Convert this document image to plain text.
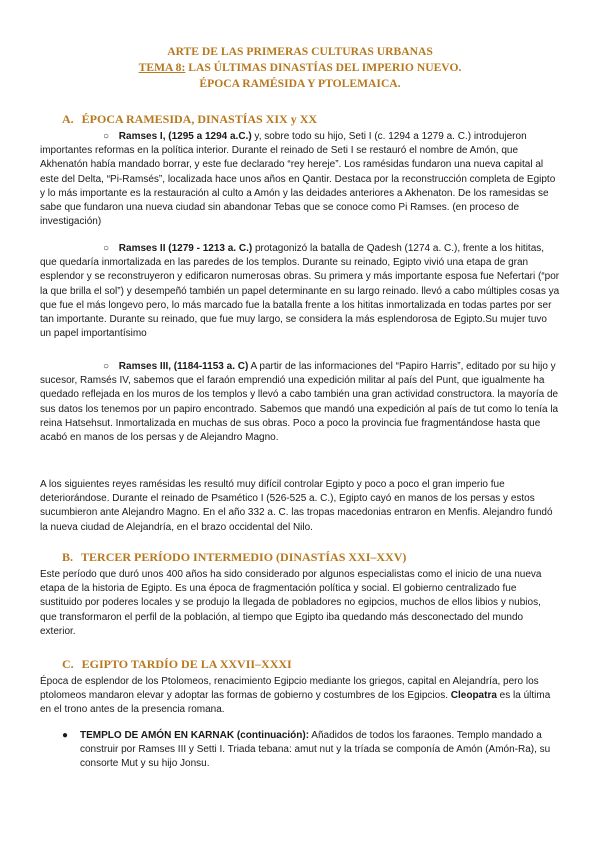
ARTE DE LAS PRIMERAS CULTURAS URBANAS
TEMA 8: LAS ÚLTIMAS DINASTÍAS DEL IMPERIO NUEVO.
ÉPOCA RAMÉSIDA Y PTOLEMAICA.
A. ÉPOCA RAMESIDA, DINASTÍAS XIX y XX
○ Ramses I, (1295 a 1294 a.C.) y, sobre todo su hijo, Seti I (c. 1294 a 1279 a. C.) introdujeron importantes reformas en la política interior. Durante el reinado de Seti I se restauró el nombre de Amón, que Akhenatón había mandado borrar, y este fue declarado “rey hereje”. Los ramésidas fundaron una nueva capital al este del Delta, “Pi-Ramsés”, localizada hace unos años en Qantir. Destaca por la reconstrucción completa de Egipto y lo más importante es la restauración al culto a Amón y las deidades anteriores a Akhenaton. De los ramesidas se sabe que fundaron una nueva ciudad sin abandonar Tebas que se conoce como Pi Ramses. (en proceso de investigación)
○ Ramses II (1279 - 1213 a. C.) protagonizó la batalla de Qadesh (1274 a. C.), frente a los hititas, que quedaría inmortalizada en las paredes de los templos. Durante su reinado, Egipto vivió una etapa de gran esplendor y se reconstruyeron y edificaron numerosas obras. Su primera y más importante esposa fue Nefertari (“por la que brilla el sol”) y desempeñó también un papel determinante en su largo reinado. llevó a cabo múltiples cosas ya que fue el más longevo pero, lo más marcado fue la batalla frente a los hititas inmortalizada en todas partes por ser tan importante. Durante su reinado, que fue muy largo, se considera la más esplendorosa de Egipto.Su mujer tuvo un papel importantísimo
○ Ramses III, (1184-1153 a. C) A partir de las informaciones del “Papiro Harris”, editado por su hijo y sucesor, Ramsés IV, sabemos que el faraón emprendió una expedición militar al país del Punt, que igualmente ha quedado reflejada en los muros de los templos y llevó a cabo también una gran actividad constructora. la mayoría de sus datos los tenemos por un papiro encontrado. Sabemos que mandó una expedición al país de tut como lo tenía la reina Hatsehsut. Inmortalizada en muchas de sus obras. Poco a poco la provincia fue fragmentándose hasta que acabó en manos de los persas y de Alejandro Magno.
A los siguientes reyes ramésidas les resultó muy difícil controlar Egipto y poco a poco el gran imperio fue deteriorándose. Durante el reinado de Psamético I (526-525 a. C.), Egipto cayó en manos de los persas y estos sucumbieron ante Alejandro Magno. En el año 332 a. C. las tropas macedonias entraron en Menfis. Alejandro fundó la nueva ciudad de Alejandría, en el brazo occidental del Nilo.
B. TERCER PERÍODO INTERMEDIO (DINASTÍAS XXI–XXV)
Este período que duró unos 400 años ha sido considerado por algunos especialistas como el inicio de una nueva etapa de la historia de Egipto. Es una época de fragmentación política y social. El gobierno centralizado fue sustituido por poderes locales y se produjo la llegada de pobladores no egipcios, muchos de ellos libios y nubios, que transformaron el perfil de la población, al tiempo que Egipto iba quedando más desconectado del mundo exterior.
C. EGIPTO TARDÍO DE LA XXVII–XXXI
Época de esplendor de los Ptolomeos, renacimiento Egipcio mediante los griegos, capital en Alejandría, pero los ptolomeos mandaron elevar y adoptar las formas de gobierno y costumbres de los Egipcios. Cleopatra es la última en el trono antes de la presencia romana.
●	TEMPLO DE AMÓN EN KARNAK (continuación): Añadidos de todos los faraones. Templo mandado a construir por Ramses III y Setti I. Triada tebana: amut nut y la tríada se componía de Amón (Amón-Ra), su consorte Mut y su hijo Jonsu.
